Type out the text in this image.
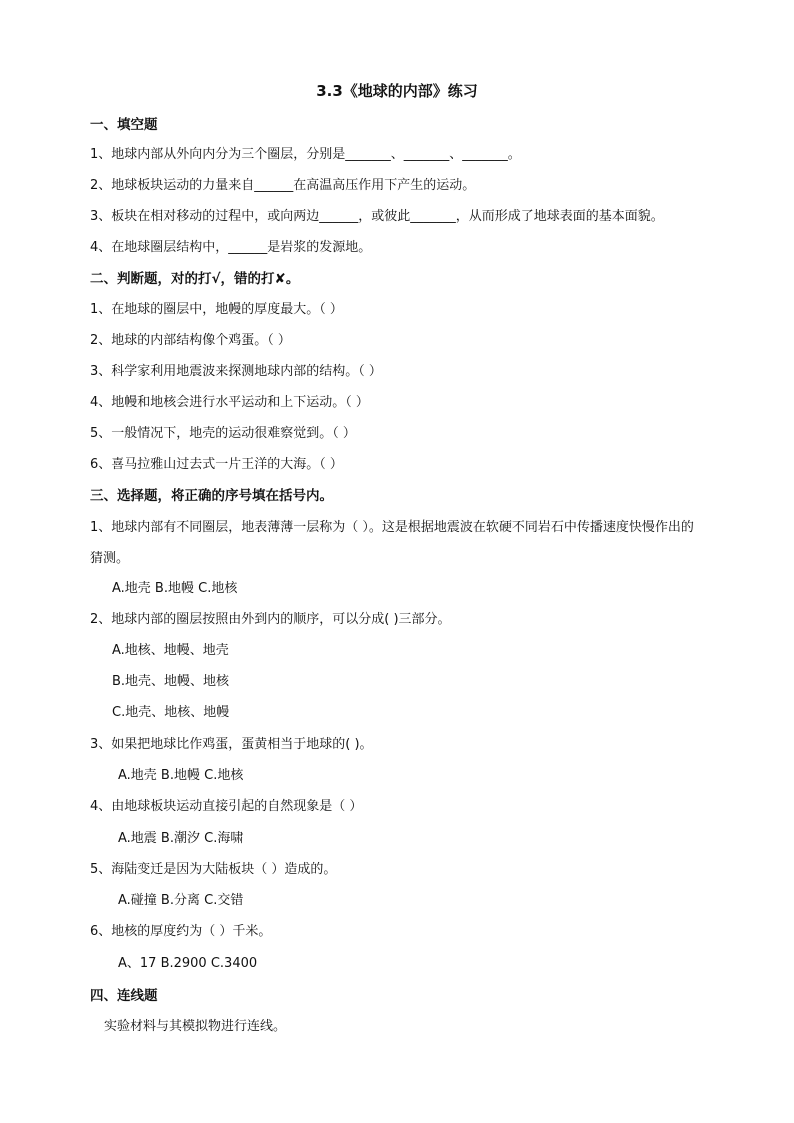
3.3《地球的内部》练习
一、填空题
1、地球内部从外向内分为三个圈层，分别是_______、_______、_______。
2、地球板块运动的力量来自______在高温高压作用下产生的运动。
3、板块在相对移动的过程中，或向两边______，或彼此_______，从而形成了地球表面的基本面貌。
4、在地球圈层结构中，______是岩浆的发源地。
二、判断题，对的打√，错的打✘。
1、在地球的圈层中，地幔的厚度最大。（ ）
2、地球的内部结构像个鸡蛋。（ ）
3、科学家利用地震波来探测地球内部的结构。（ ）
4、地幔和地核会进行水平运动和上下运动。（ ）
5、一般情况下，地壳的运动很难察觉到。（ ）
6、喜马拉雅山过去式一片王洋的大海。（ ）
三、选择题，将正确的序号填在括号内。
1、地球内部有不同圈层，地表薄薄一层称为（ ）。这是根据地震波在软硬不同岩石中传播速度快慢作出的猜测。
A.地壳 B.地幔 C.地核
2、地球内部的圈层按照由外到内的顺序，可以分成( )三部分。
A.地核、地幔、地壳
B.地壳、地幔、地核
C.地壳、地核、地幔
3、如果把地球比作鸡蛋，蛋黄相当于地球的( )。
A.地壳 B.地幔 C.地核
4、由地球板块运动直接引起的自然现象是（ ）
A.地震 B.潮汐 C.海啸
5、海陆变迁是因为大陆板块（ ）造成的。
A.碰撞 B.分离 C.交错
6、地核的厚度约为（ ）千米。
A、17 B.2900 C.3400
四、连线题
实验材料与其模拟物进行连线。
